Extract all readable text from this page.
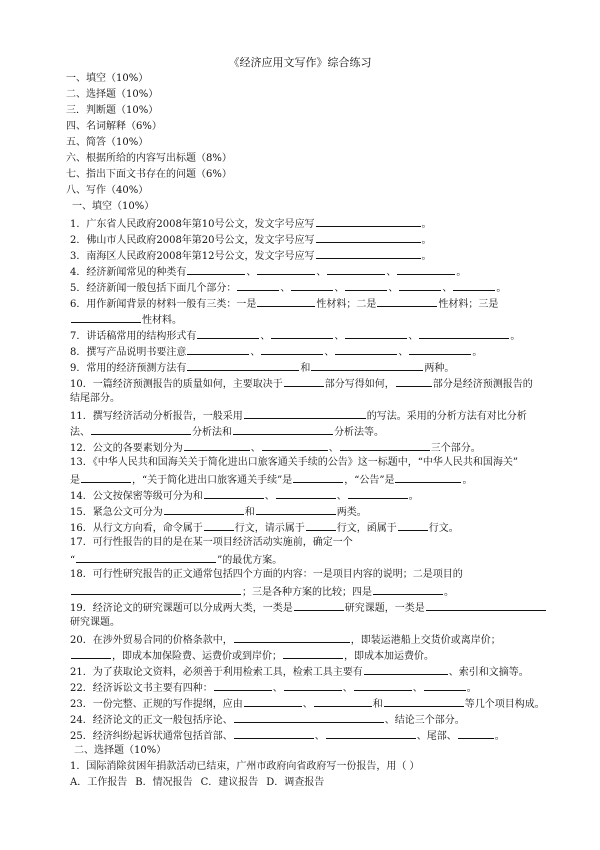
《经济应用文写作》综合练习
一、填空（10%）
二、选择题（10%）
三．判断题（10%）
四、名词解释（6%）
五、简答（10%）
六、根据所给的内容写出标题（8%）
七、指出下面文书存在的问题（6%）
八、写作（40%）
一、填空（10%）
1．广东省人民政府2008年第10号公文，发文字号应写	。
2．佛山市人民政府2008年第20号公文，发文字号应写	。
3．南海区人民政府2008年第12号公文，发文字号应写	。
4．经济新闻常见的种类有	、	、	、	。
5．经济新闻一般包括下面几个部分：	、	、	、	、	。
6．用作新闻背景的材料一般有三类：一是	性材料；二是	性材料；三是
性材料。
7．讲话稿常用的结构形式有	、	、	、	。
8．撰写产品说明书要注意	、	、	、	。
9．常用的经济预测方法有	和	两种。
10．一篇经济预测报告的质量如何，主要取决于	部分写得如何，	部分是经济预测报告的
结尾部分。
11．撰写经济活动分析报告，一般采用	的写法。采用的分析方法有对比分析
法、	分析法和	分析法等。
12．公文的各要素划分为	、	、	三个部分。
13．《中华人民共和国海关关于简化进出口旅客通关手续的公告》这一标题中，“中华人民共和国海关”
是	，“关于简化进出口旅客通关手续”是	，“公告”是	。
14．公文按保密等级可分为和	、	、	。
15．紧急公文可分为	和	两类。
16．从行文方向看，命令属于	行文，请示属于	行文，函属于	行文。
17．可行性报告的目的是在某一项目经济活动实施前，确定一个
“	”的最优方案。
18．可行性研究报告的正文通常包括四个方面的内容：一是项目内容的说明；二是项目的
；三是各种方案的比较；四是	。
19．经济论文的研究课题可以分成两大类，一类是	研究课题，一类是
研究课题。
20．在涉外贸易合同的价格条款中，	，即装运港船上交货价或离岸价；
，即成本加保险费、运费价或到岸价；	，即成本加运费价。
21．为了获取论文资料，必须善于利用检索工具，检索工具主要有	、索引和文摘等。
22．经济诉讼文书主要有四种：	、	、	、	。
23．一份完整、正规的写作提纲，应由	、	和	等几个项目构成。
24．经济论文的正文一般包括序论、	、结论三个部分。
25．经济纠纷起诉状通常包括首部、	、	、尾部、	。
二、选择题（10%）
1．国际消除贫困年捐款活动已结束，广州市政府向省政府写一份报告，用（ ）
A．工作报告 B．情况报告 C．建议报告 D．调查报告
